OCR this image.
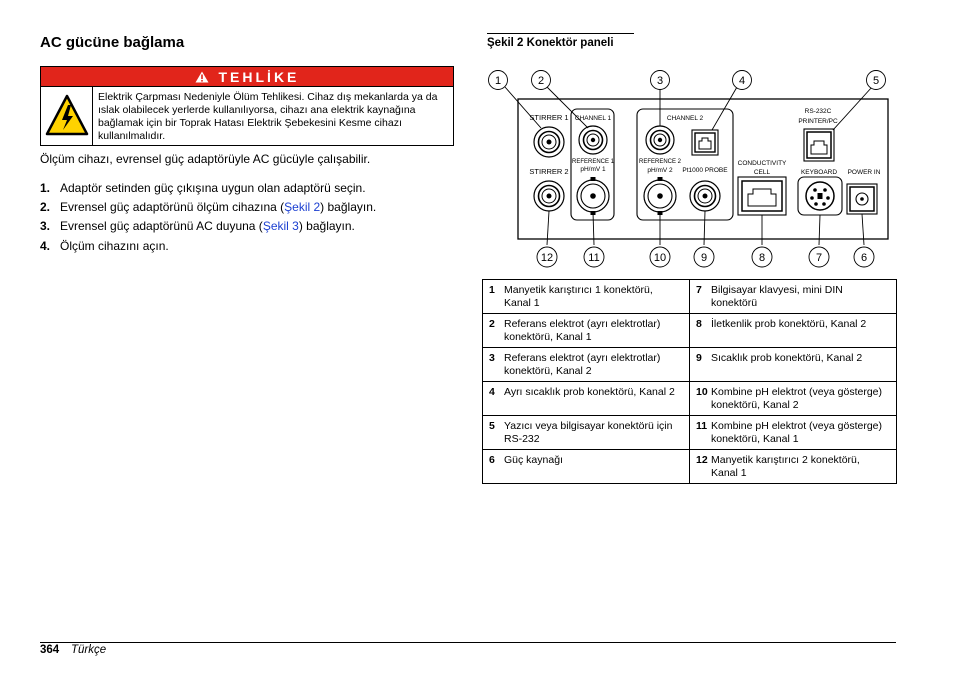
AC gücüne bağlama
TEHLİKE
Elektrik Çarpması Nedeniyle Ölüm Tehlikesi. Cihaz dış mekanlarda ya da ıslak olabilecek yerlerde kullanılıyorsa, cihazı ana elektrik kaynağına bağlamak için bir Toprak Hatası Elektrik Şebekesini Kesme cihazı kullanılmalıdır.
Ölçüm cihazı, evrensel güç adaptörüyle AC gücüyle çalışabilir.
1. Adaptör setinden güç çıkışına uygun olan adaptörü seçin.
2. Evrensel güç adaptörünü ölçüm cihazına (Şekil 2) bağlayın.
3. Evrensel güç adaptörünü AC duyuna (Şekil 3) bağlayın.
4. Ölçüm cihazını açın.
Şekil 2 Konektör paneli
STIRRER 1
STIRRER 2
CHANNEL 1
REFERENCE 1
pH/mV 1
CHANNEL 2
REFERENCE 2
pH/mV 2 Pt1000 PROBE
CONDUCTIVITY
CELL
RS-232C
PRINTER/PC
KEYBOARD POWER IN
1	2	3	4	5
12	11	10	9	8	7	6
1 Manyetik karıştırıcı 1 konektörü, Kanal 1	7 Bilgisayar klavyesi, mini DIN konektörü
2 Referans elektrot (ayrı elektrotlar) konektörü, Kanal 1	8 İletkenlik prob konektörü, Kanal 2
3 Referans elektrot (ayrı elektrotlar) konektörü, Kanal 2	9 Sıcaklık prob konektörü, Kanal 2
4 Ayrı sıcaklık prob konektörü, Kanal 2	10 Kombine pH elektrot (veya gösterge) konektörü, Kanal 2
5 Yazıcı veya bilgisayar konektörü için RS-232	11 Kombine pH elektrot (veya gösterge) konektörü, Kanal 1
6 Güç kaynağı	12 Manyetik karıştırıcı 2 konektörü, Kanal 1
364 Türkçe
